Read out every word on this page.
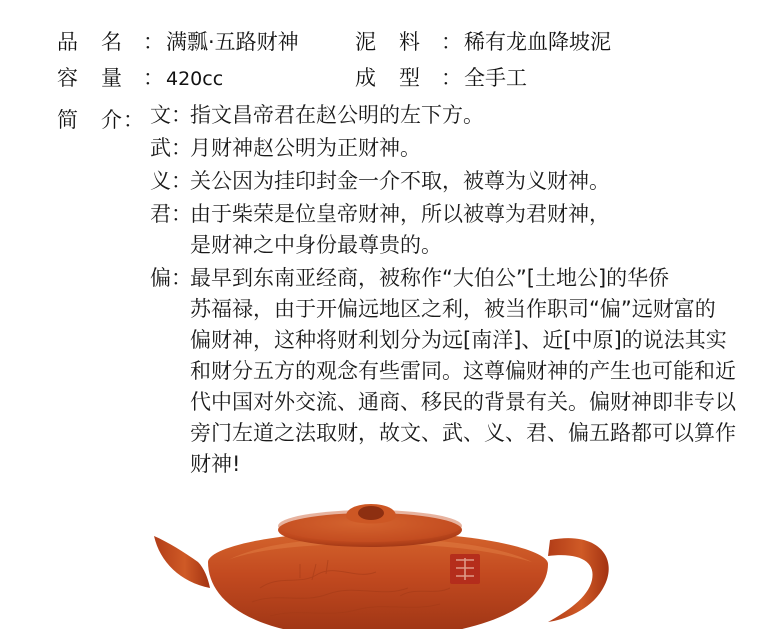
品　名 ： 满瓢·五路财神	泥　料 ： 稀有龙血降坡泥
容　量 ： 420cc	成　型 ： 全手工
简　介： 文：

指文昌帝君在赵公明的左下方。

武：

月财神赵公明为正财神。

义：

关公因为挂印封金一介不取，被尊为义财神。

君：

由于柴荣是位皇帝财神，所以被尊为君财神，

是财神之中身份最尊贵的。

偏：

最早到东南亚经商，被称作“大伯公”[土地公]的华侨

苏福禄，由于开偏远地区之利，被当作职司“偏”远财富的

偏财神，这种将财利划分为远[南洋]、近[中原]的说法其实

和财分五方的观念有些雷同。这尊偏财神的产生也可能和近

代中国对外交流、通商、移民的背景有关。偏财神即非专以

旁门左道之法取财，故文、武、义、君、偏五路都可以算作

财神!
